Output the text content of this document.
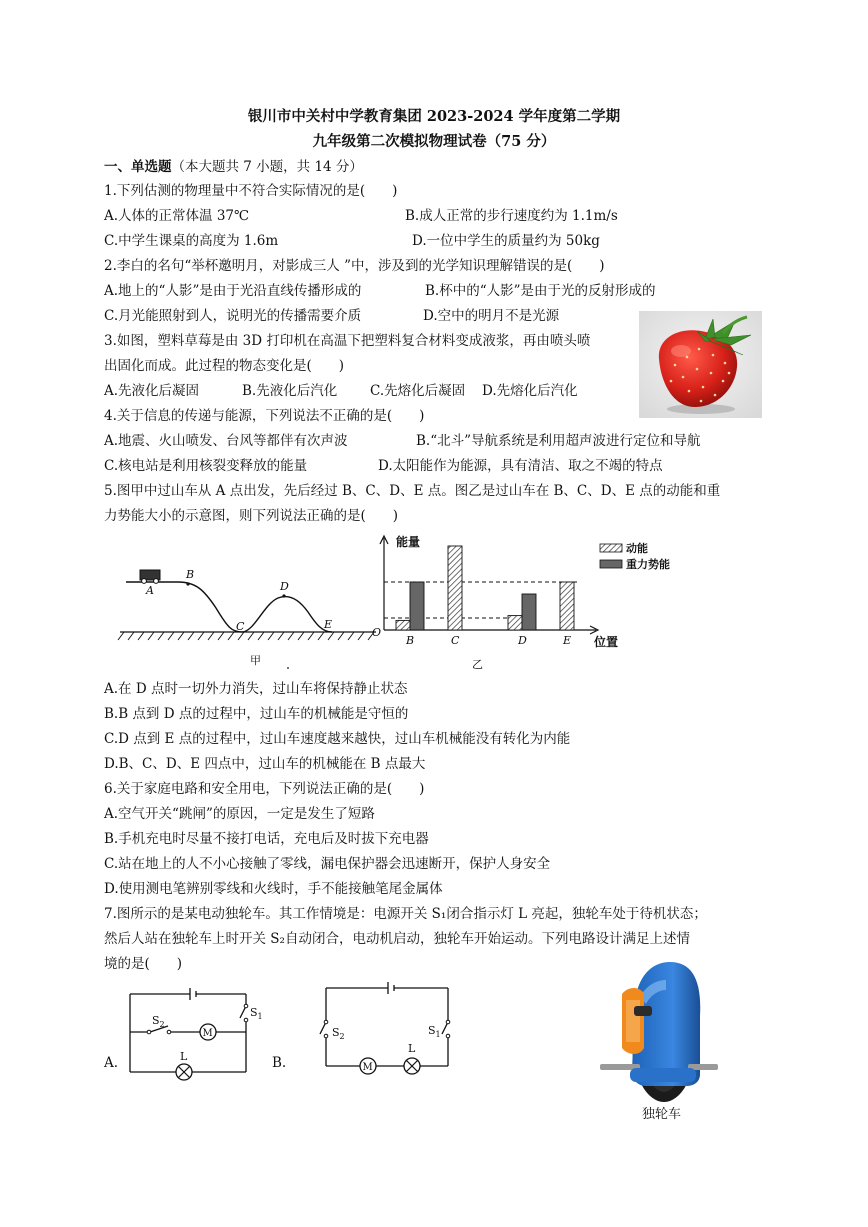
银川市中关村中学教育集团 2023-2024 学年度第二学期
九年级第二次模拟物理试卷（75 分）
一、单选题（本大题共 7 小题，共 14 分）
1.下列估测的物理量中不符合实际情况的是(　　)
A.人体的正常体温 37℃	B.成人正常的步行速度约为 1.1m/s
C.中学生课桌的高度为 1.6m	D.一位中学生的质量约为 50kg
2.李白的名句“举杯邀明月，对影成三人 ”中，涉及到的光学知识理解错误的是(　　)
A.地上的“人影”是由于光沿直线传播形成的	B.杯中的“人影”是由于光的反射形成的
C.月光能照射到人，说明光的传播需要介质	D.空中的明月不是光源
3.如图，塑料草莓是由 3D 打印机在高温下把塑料复合材料变成液浆，再由喷头喷
出固化而成。此过程的物态变化是(　　)
A.先液化后凝固	B.先液化后汽化 C.先熔化后凝固 D.先熔化后汽化
4.关于信息的传递与能源，下列说法不正确的是(　　)
A.地震、火山喷发、台风等都伴有次声波	B.“北斗”导航系统是利用超声波进行定位和导航
C.核电站是利用核裂变释放的能量	D.太阳能作为能源，具有清洁、取之不竭的特点
5.图甲中过山车从 A 点出发，先后经过 B、C、D、E 点。图乙是过山车在 B、C、D、E 点的动能和重
力势能大小的示意图，则下列说法正确的是(　　)
A
B
C
D
E
甲
能量
位置
O
B	C	D	E
动能
重力势能
乙
A.在 D 点时一切外力消失，过山车将保持静止状态
B.B 点到 D 点的过程中，过山车的机械能是守恒的
C.D 点到 E 点的过程中，过山车速度越来越快，过山车机械能没有转化为内能
D.B、C、D、E 四点中，过山车的机械能在 B 点最大
6.关于家庭电路和安全用电，下列说法正确的是(　　)
A.空气开关“跳闸”的原因，一定是发生了短路
B.手机充电时尽量不接打电话，充电后及时拔下充电器
C.站在地上的人不小心接触了零线，漏电保护器会迅速断开，保护人身安全
D.使用测电笔辨别零线和火线时，手不能接触笔尾金属体
7.图所示的是某电动独轮车。其工作情境是：电源开关 S₁闭合指示灯 L 亮起，独轮车处于待机状态；
然后人站在独轮车上时开关 S₂自动闭合，电动机启动，独轮车开始运动。下列电路设计满足上述情
境的是(　　)
A.
M
$S_2$
$S_1$
L	B.	M
$S_2$	$S_1$
L
独轮车
